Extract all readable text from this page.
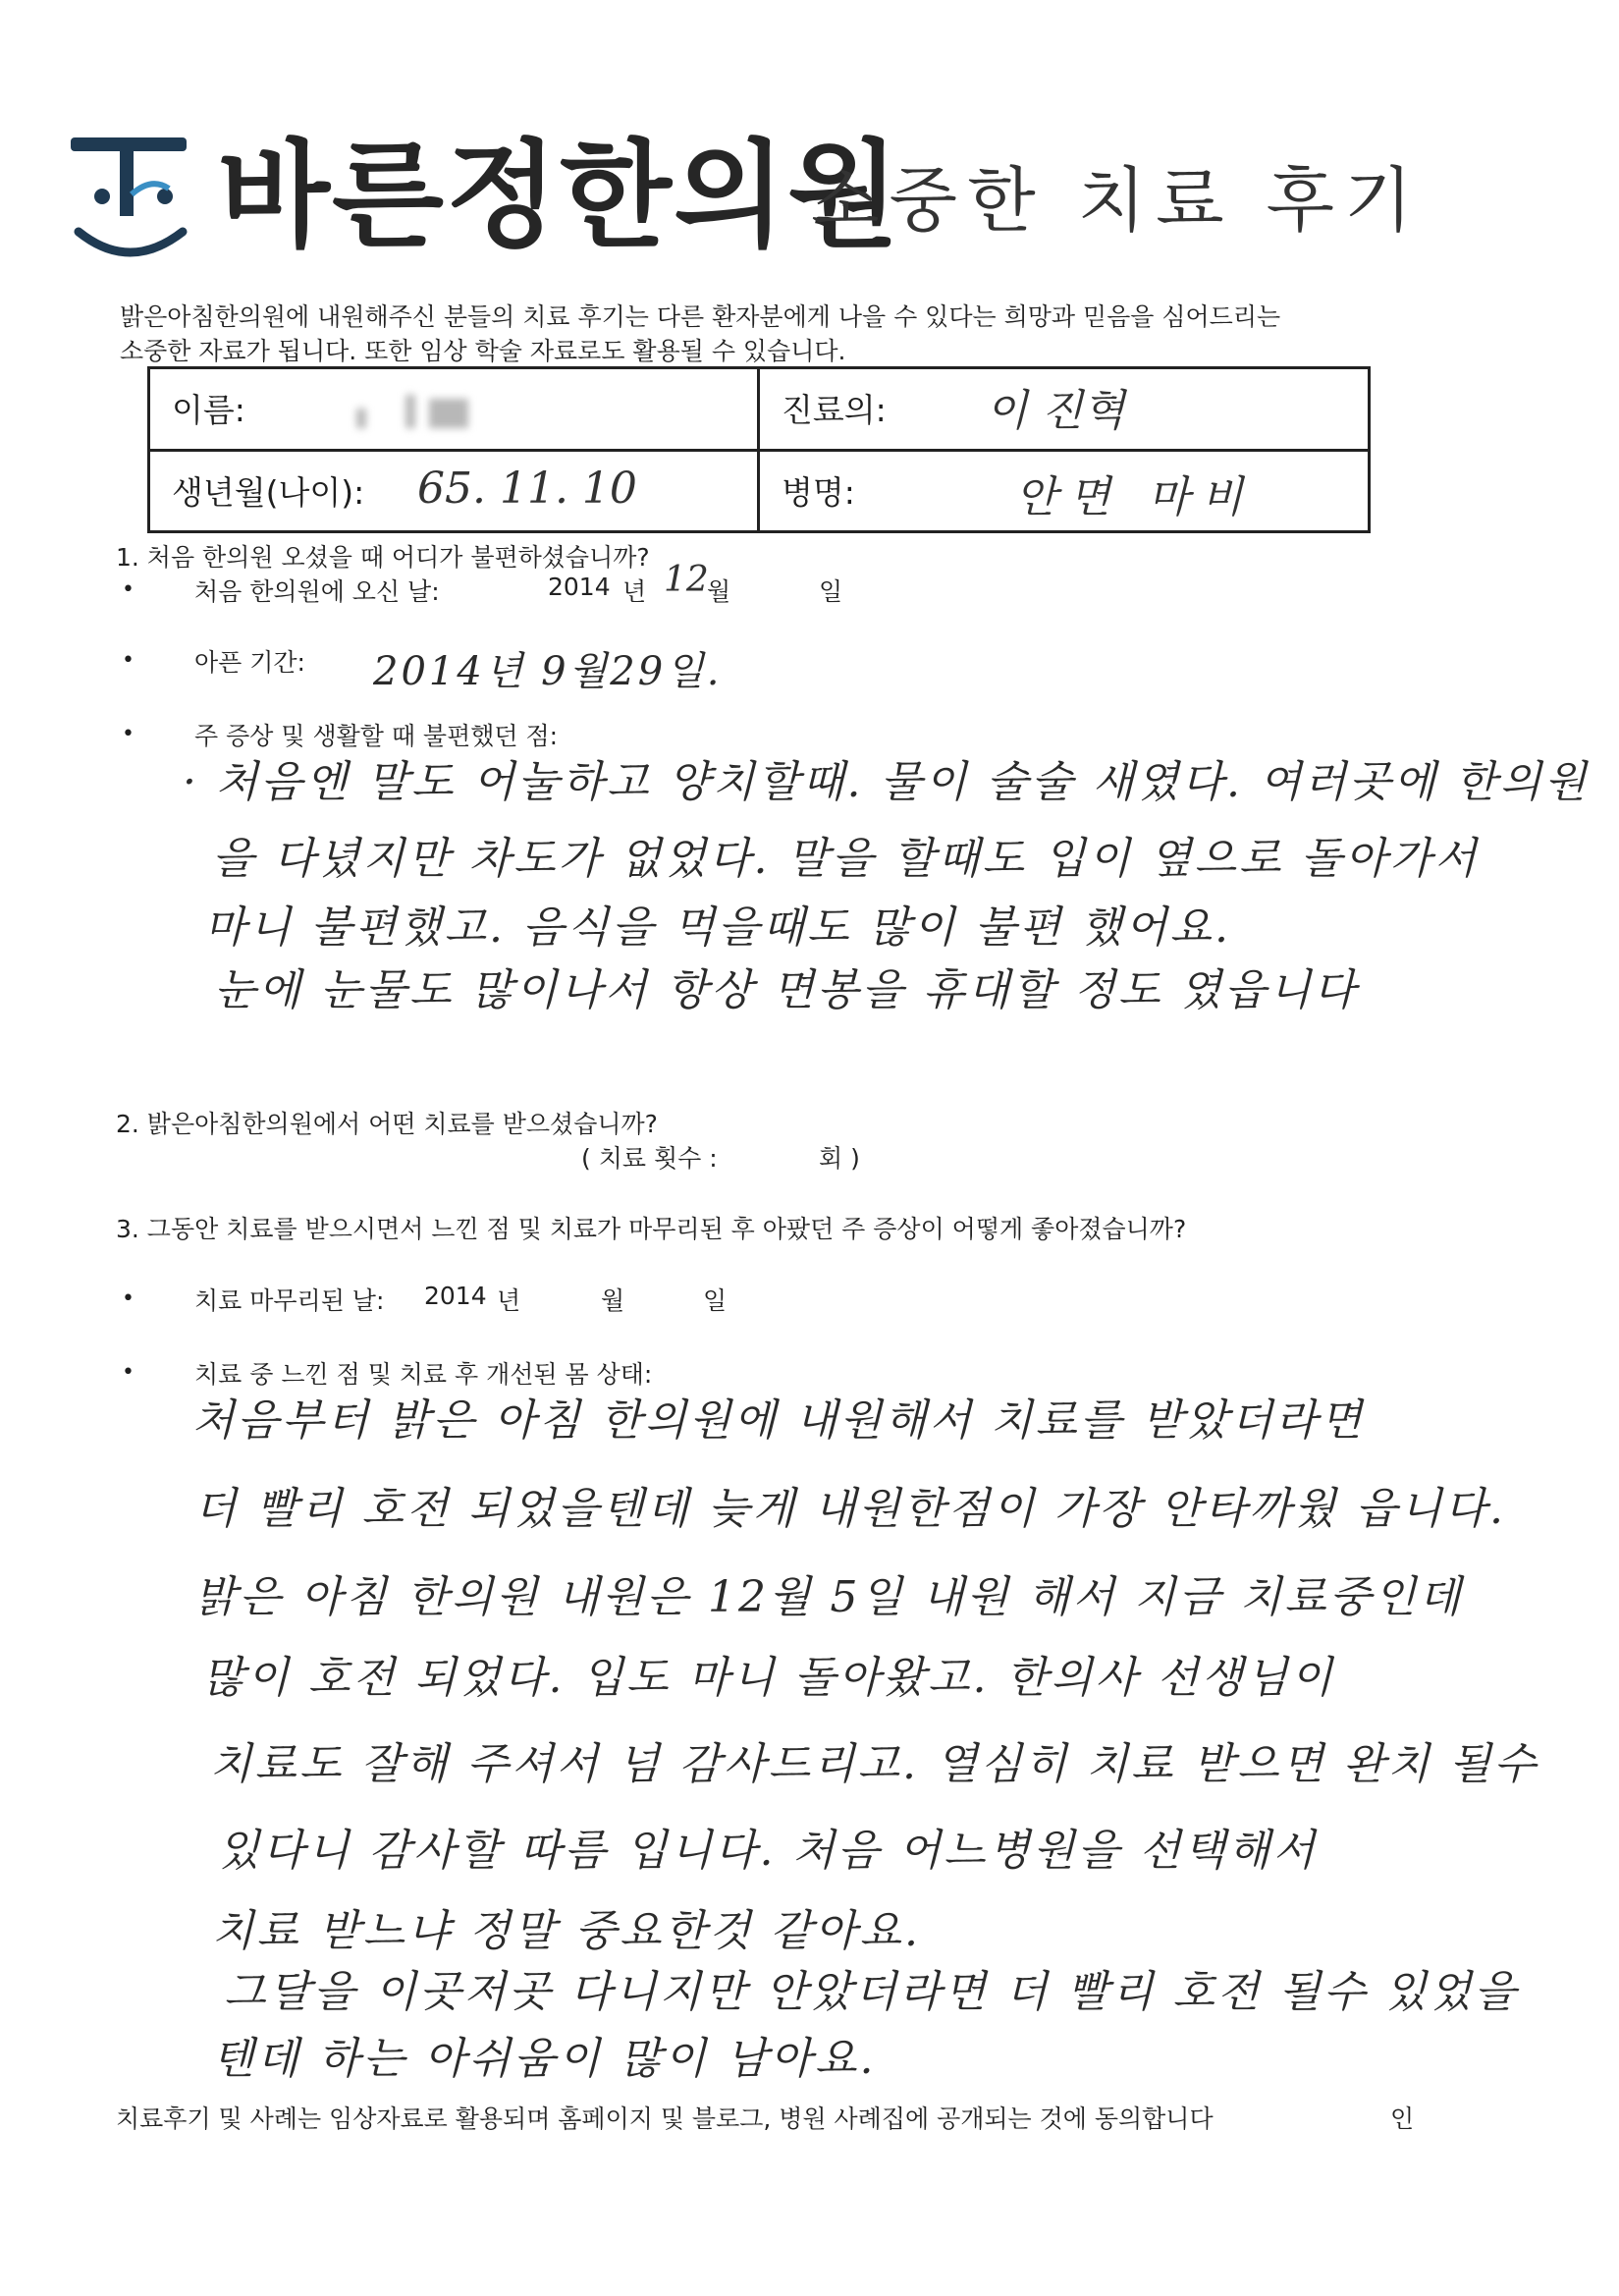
바른정한의원
소중한 치료 후기
밝은아침한의원에 내원해주신 분들의 치료 후기는 다른 환자분에게 나을 수 있다는 희망과 믿음을 심어드리는
소중한 자료가 됩니다. 또한 임상 학술 자료로도 활용될 수 있습니다.
이름:	진료의: 이 진혁

생년월(나이): 65. 11. 10	병명: 안면 마비
1. 처음 한의원 오셨을 때 어디가 불편하셨습니까?
• 처음 한의원에 오신 날:	2014 년 12
월	일
• 아픈 기간: 2014년 9월29일.
• 주 증상 및 생활할 때 불편했던 점:
· 처음엔 말도 어눌하고 양치할때. 물이 술술 새였다. 여러곳에 한의원
을 다녔지만 차도가 없었다. 말을 할때도 입이 옆으로 돌아가서
마니 불편했고. 음식을 먹을때도 많이 불편 했어요.
눈에 눈물도 많이나서 항상 면봉을 휴대할 정도 였읍니다
2. 밝은아침한의원에서 어떤 치료를 받으셨습니까?
( 치료 횟수 :	회 )
3. 그동안 치료를 받으시면서 느낀 점 및 치료가 마무리된 후 아팠던 주 증상이 어떻게 좋아졌습니까?
• 치료 마무리된 날: 2014 년	월	일
• 치료 중 느낀 점 및 치료 후 개선된 몸 상태:
처음부터 밝은 아침 한의원에 내원해서 치료를 받았더라면
더 빨리 호전 되었을텐데 늦게 내원한점이 가장 안타까웠 읍니다.
밝은 아침 한의원 내원은 12월 5일 내원 해서 지금 치료중인데
많이 호전 되었다. 입도 마니 돌아왔고. 한의사 선생님이
치료도 잘해 주셔서 넘 감사드리고. 열심히 치료 받으면 완치 될수
있다니 감사할 따름 입니다. 처음 어느병원을 선택해서
치료 받느냐 정말 중요한것 같아요.
그달을 이곳저곳 다니지만 안았더라면 더 빨리 호전 될수 있었을
텐데 하는 아쉬움이 많이 남아요.
치료후기 및 사례는 임상자료로 활용되며 홈페이지 및 블로그, 병원 사례집에 공개되는 것에 동의합니다	인
